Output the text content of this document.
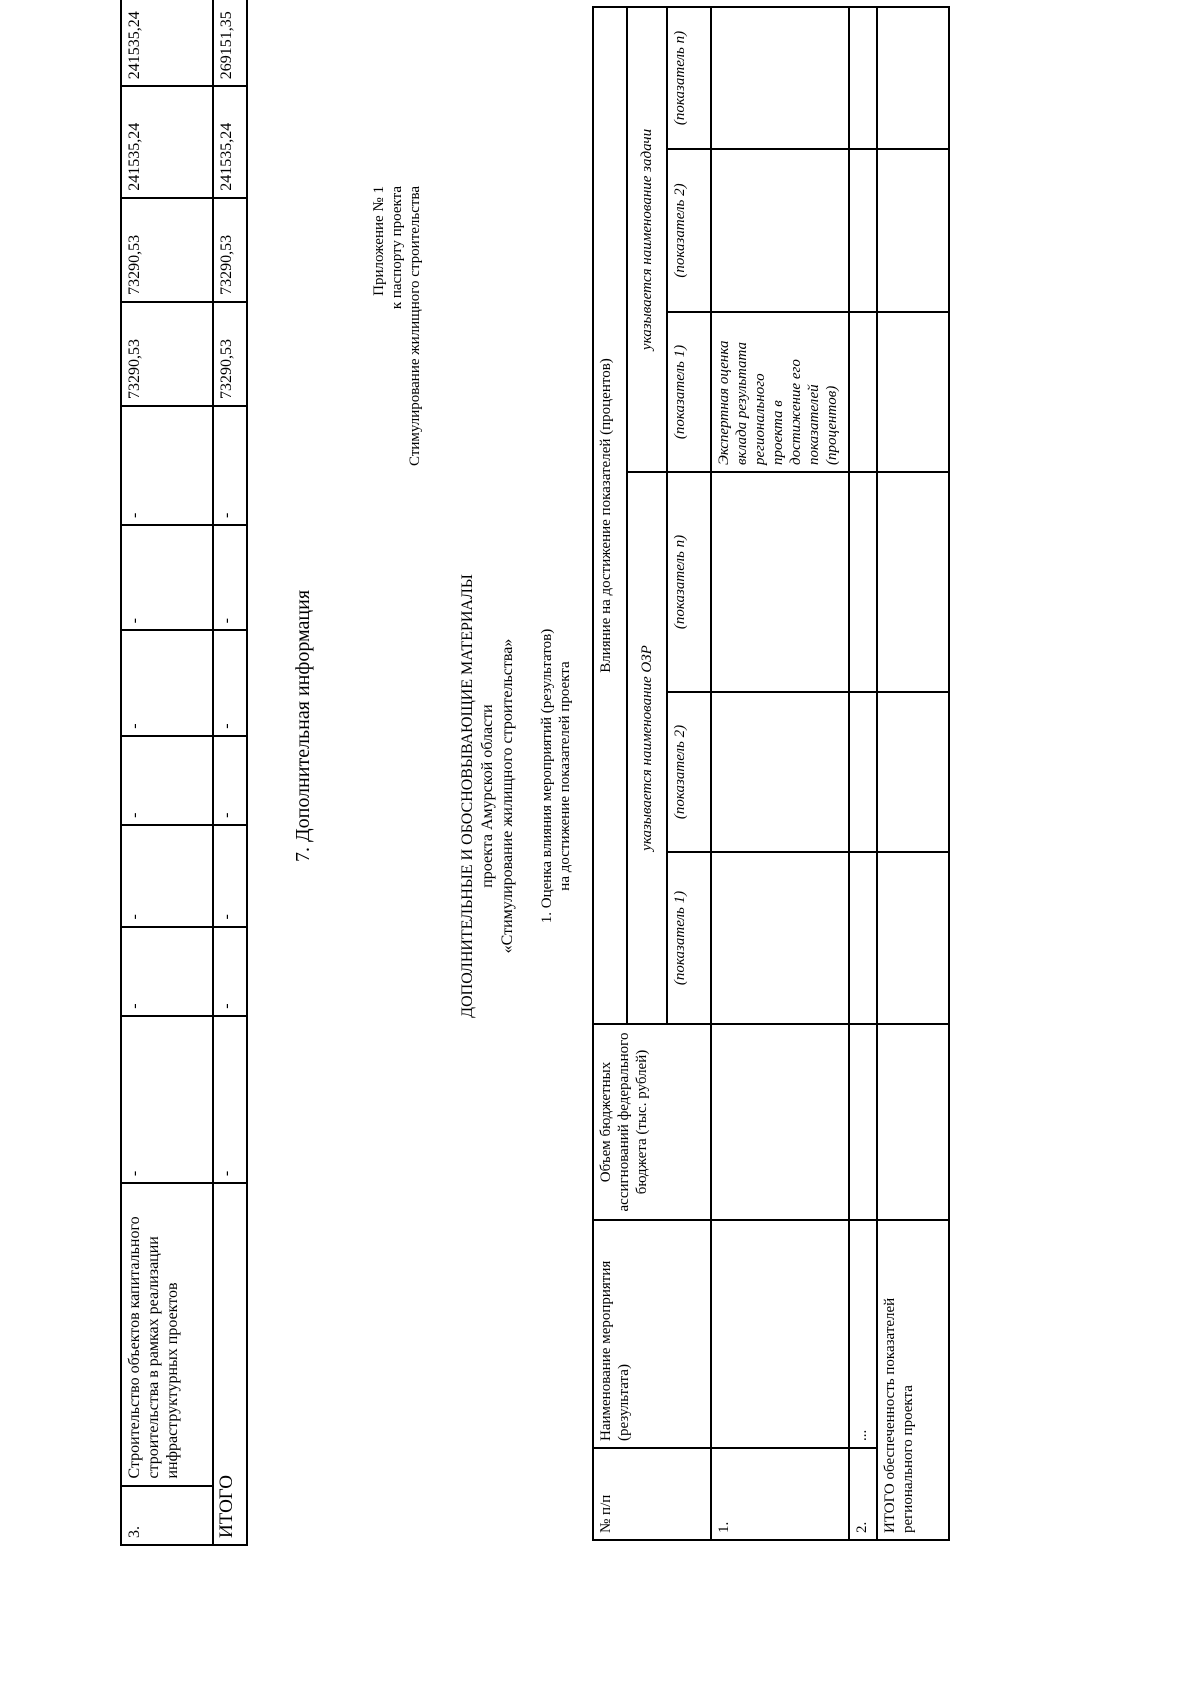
3.	Строительство объектов капитального строительства в рамках реализации инфраструктурных проектов	-	-	-	-	-	-	-	73290,53	73290,53	241535,24	241535,24
ИТОГО		-	-	-	-	-	-	-	73290,53	73290,53	241535,24	269151,35
7. Дополнительная информация
Приложение № 1 к паспорту проекта Стимулирование жилищного строительства
ДОПОЛНИТЕЛЬНЫЕ И ОБОСНОВЫВАЮЩИЕ МАТЕРИАЛЫ проекта Амурской области «Стимулирование жилищного строительства» 1. Оценка влияния мероприятий (результатов) на достижение показателей проекта
№ п/п	Наименование мероприятия (результата)	Объем бюджетных ассигнований федерального бюджета (тыс. рублей)	Влияние на достижение показателей (процентов)					
			указывается наименование ОЗР			указывается наименование задачи		
			(показатель 1)	(показатель 2)	(показатель n)	(показатель 1)	(показатель 2)	(показатель n)
1.						Экспертная оценка вклада результата регионального проекта в достижение его показателей (процентов)		
2.	...							
ИТОГО обеспеченность показателей регионального проекта								
